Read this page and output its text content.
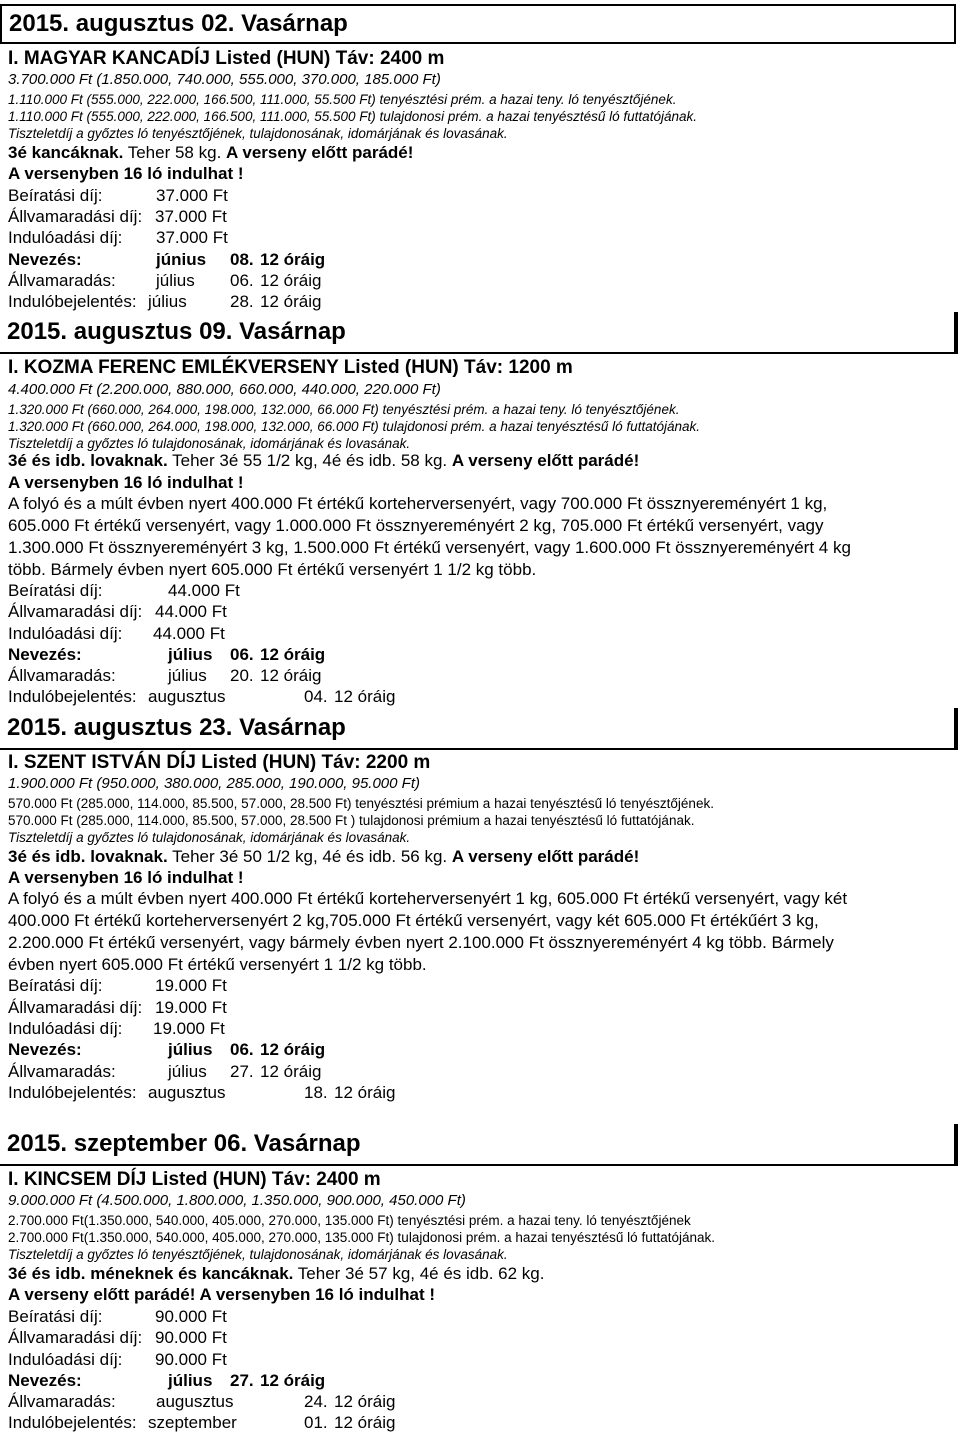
2015. augusztus 02. Vasárnap
I. MAGYAR KANCADÍJ Listed (HUN) Táv: 2400 m
3.700.000 Ft (1.850.000, 740.000, 555.000, 370.000, 185.000 Ft)
1.110.000 Ft (555.000, 222.000, 166.500, 111.000, 55.500 Ft) tenyésztési prém. a hazai teny. ló tenyésztőjének.
1.110.000 Ft (555.000, 222.000, 166.500, 111.000, 55.500 Ft) tulajdonosi prém. a hazai tenyésztésű ló futtatójának.
Tiszteletdíj a győztes ló tenyésztőjének, tulajdonosának, idomárjának és lovasának.
3é kancáknak. Teher 58 kg. A verseny előtt parádé!
A versenyben 16 ló indulhat !
Beíratási díj:	37.000 Ft
Állvamaradási díj: 37.000 Ft
Indulóadási díj: 37.000 Ft
Nevezés:	június 08. 12 óráig
Állvamaradás: július 06. 12 óráig
Indulóbejelentés: július	28. 12 óráig
2015. augusztus 09. Vasárnap
I. KOZMA FERENC EMLÉKVERSENY Listed (HUN) Táv: 1200 m
4.400.000 Ft (2.200.000, 880.000, 660.000, 440.000, 220.000 Ft)
1.320.000 Ft (660.000, 264.000, 198.000, 132.000, 66.000 Ft) tenyésztési prém. a hazai teny. ló tenyésztőjének.
1.320.000 Ft (660.000, 264.000, 198.000, 132.000, 66.000 Ft) tulajdonosi prém. a hazai tenyésztésű ló futtatójának.
Tiszteletdíj a győztes ló tulajdonosának, idomárjának és lovasának.
3é és idb. lovaknak. Teher 3é 55 1/2 kg, 4é és idb. 58 kg. A verseny előtt parádé!
A versenyben 16 ló indulhat !
A folyó és a múlt évben nyert 400.000 Ft értékű korteherversenyért, vagy 700.000 Ft össznyereményért 1 kg,
605.000 Ft értékű versenyért, vagy 1.000.000 Ft össznyereményért 2 kg, 705.000 Ft értékű versenyért, vagy
1.300.000 Ft össznyereményért 3 kg, 1.500.000 Ft értékű versenyért, vagy 1.600.000 Ft össznyereményért 4 kg
több. Bármely évben nyert 605.000 Ft értékű versenyért 1 1/2 kg több.
Beíratási díj:	44.000 Ft
Állvamaradási díj: 44.000 Ft
Indulóadási díj: 44.000 Ft
Nevezés:	július 06. 12 óráig
Állvamaradás:	július 20. 12 óráig
Indulóbejelentés: augusztus	04. 12 óráig
2015. augusztus 23. Vasárnap
I. SZENT ISTVÁN DÍJ Listed (HUN) Táv: 2200 m
1.900.000 Ft (950.000, 380.000, 285.000, 190.000, 95.000 Ft)
570.000 Ft (285.000, 114.000, 85.500, 57.000, 28.500 Ft) tenyésztési prémium a hazai tenyésztésű ló tenyésztőjének.
570.000 Ft (285.000, 114.000, 85.500, 57.000, 28.500 Ft ) tulajdonosi prémium a hazai tenyésztésű ló futtatójának.
Tiszteletdíj a győztes ló tulajdonosának, idomárjának és lovasának.
3é és idb. lovaknak. Teher 3é 50 1/2 kg, 4é és idb. 56 kg. A verseny előtt parádé!
A versenyben 16 ló indulhat !
A folyó és a múlt évben nyert 400.000 Ft értékű korteherversenyért 1 kg, 605.000 Ft értékű versenyért, vagy két
400.000 Ft értékű korteherversenyért 2 kg,705.000 Ft értékű versenyért, vagy két 605.000 Ft értékűért 3 kg,
2.200.000 Ft értékű versenyért, vagy bármely évben nyert 2.100.000 Ft össznyereményért 4 kg több. Bármely
évben nyert 605.000 Ft értékű versenyért 1 1/2 kg több.
Beíratási díj:	19.000 Ft
Állvamaradási díj: 19.000 Ft
Indulóadási díj: 19.000 Ft
Nevezés:	július 06. 12 óráig
Állvamaradás:	július 27. 12 óráig
Indulóbejelentés: augusztus	18. 12 óráig
2015. szeptember 06. Vasárnap
I. KINCSEM DÍJ Listed (HUN) Táv: 2400 m
9.000.000 Ft (4.500.000, 1.800.000, 1.350.000, 900.000, 450.000 Ft)
2.700.000 Ft(1.350.000, 540.000, 405.000, 270.000, 135.000 Ft) tenyésztési prém. a hazai teny. ló tenyésztőjének
2.700.000 Ft(1.350.000, 540.000, 405.000, 270.000, 135.000 Ft) tulajdonosi prém. a hazai tenyésztésű ló futtatójának.
Tiszteletdíj a győztes ló tenyésztőjének, tulajdonosának, idomárjának és lovasának.
3é és idb. méneknek és kancáknak. Teher 3é 57 kg, 4é és idb. 62 kg.
A verseny előtt parádé! A versenyben 16 ló indulhat !
Beíratási díj:	90.000 Ft
Állvamaradási díj: 90.000 Ft
Indulóadási díj: 90.000 Ft
Nevezés:	július 27. 12 óráig
Állvamaradás: augusztus	24. 12 óráig
Indulóbejelentés: szeptember	01. 12 óráig
